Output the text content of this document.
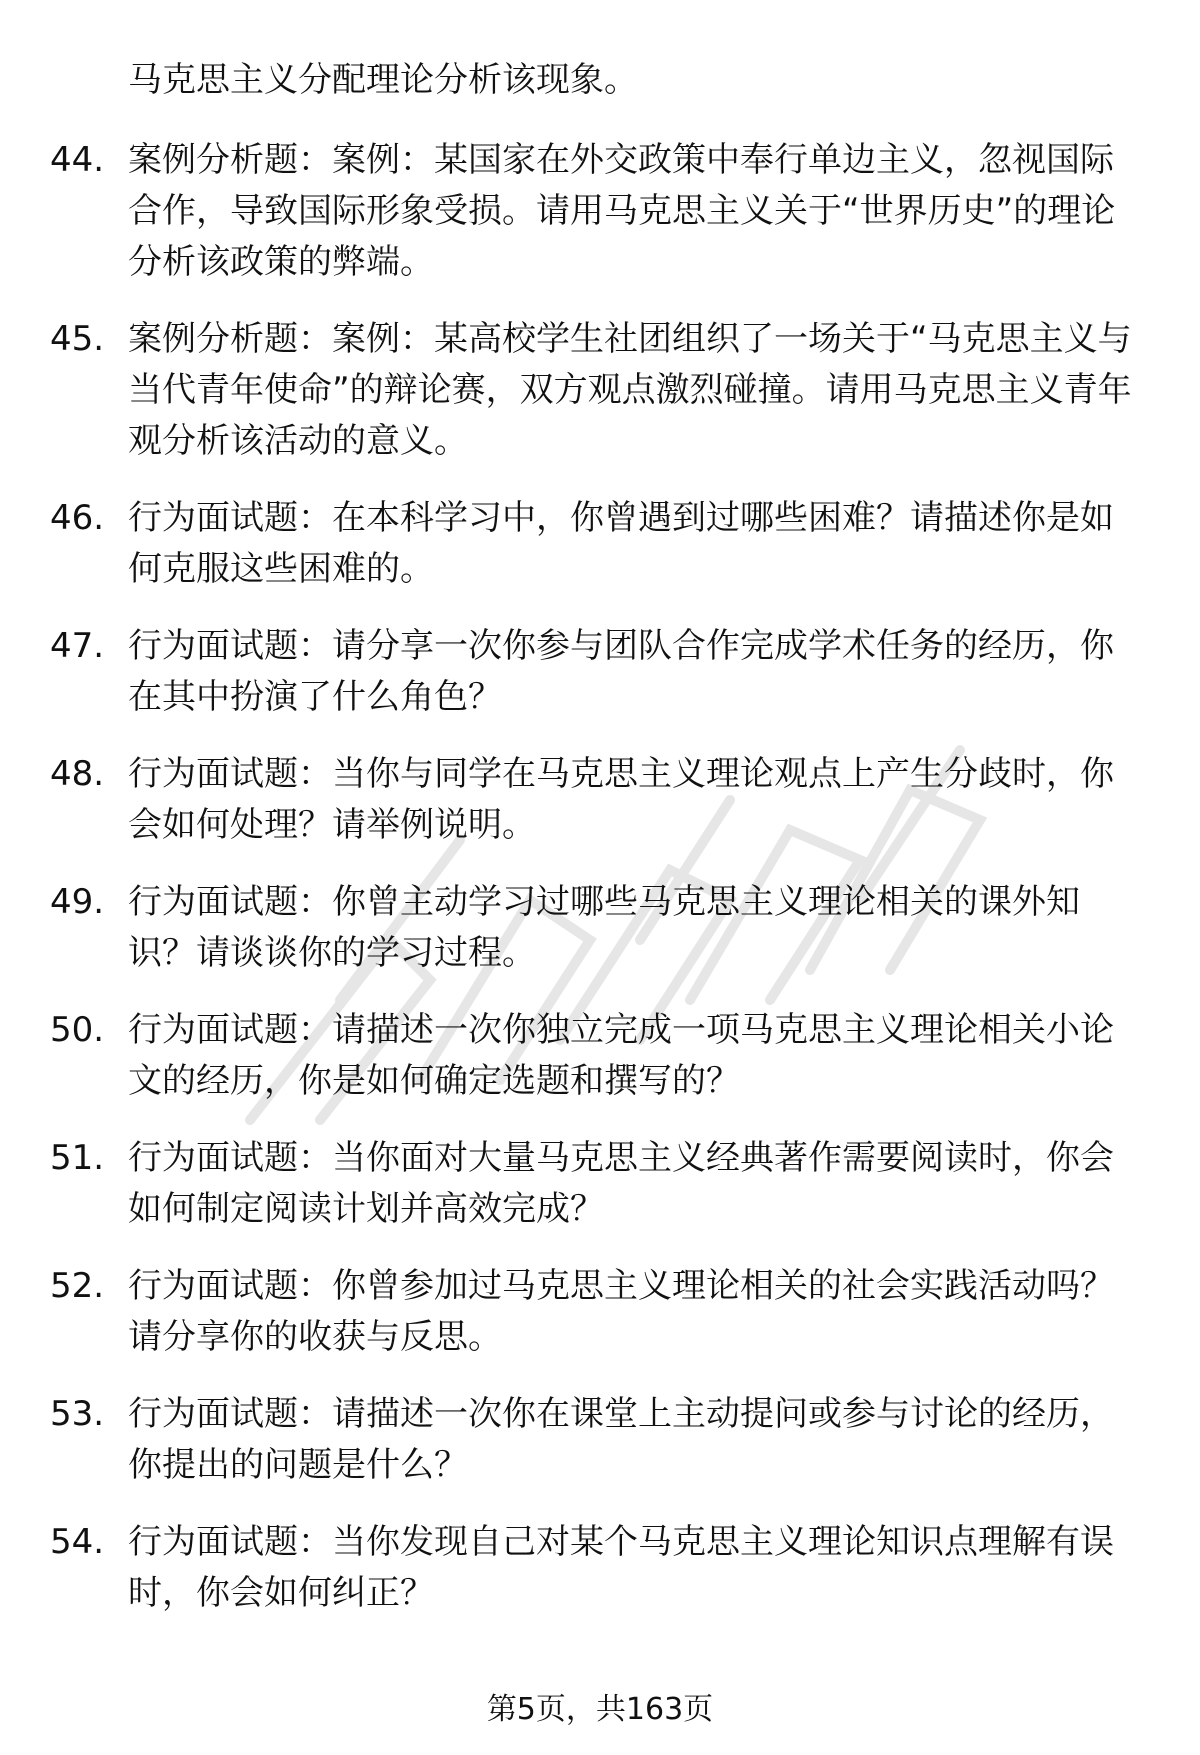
马克思主义分配理论分析该现象。
44. 案例分析题：案例：某国家在外交政策中奉行单边主义，忽视国际合作，导致国际形象受损。请用马克思主义关于“世界历史”的理论分析该政策的弊端。
45. 案例分析题：案例：某高校学生社团组织了一场关于“马克思主义与当代青年使命”的辩论赛，双方观点激烈碰撞。请用马克思主义青年观分析该活动的意义。
46. 行为面试题：在本科学习中，你曾遇到过哪些困难？请描述你是如何克服这些困难的。
47. 行为面试题：请分享一次你参与团队合作完成学术任务的经历，你在其中扮演了什么角色？
48. 行为面试题：当你与同学在马克思主义理论观点上产生分歧时，你会如何处理？请举例说明。
49. 行为面试题：你曾主动学习过哪些马克思主义理论相关的课外知识？请谈谈你的学习过程。
50. 行为面试题：请描述一次你独立完成一项马克思主义理论相关小论文的经历，你是如何确定选题和撰写的？
51. 行为面试题：当你面对大量马克思主义经典著作需要阅读时，你会如何制定阅读计划并高效完成？
52. 行为面试题：你曾参加过马克思主义理论相关的社会实践活动吗？请分享你的收获与反思。
53. 行为面试题：请描述一次你在课堂上主动提问或参与讨论的经历，你提出的问题是什么？
54. 行为面试题：当你发现自己对某个马克思主义理论知识点理解有误时，你会如何纠正？
第5页，共163页
